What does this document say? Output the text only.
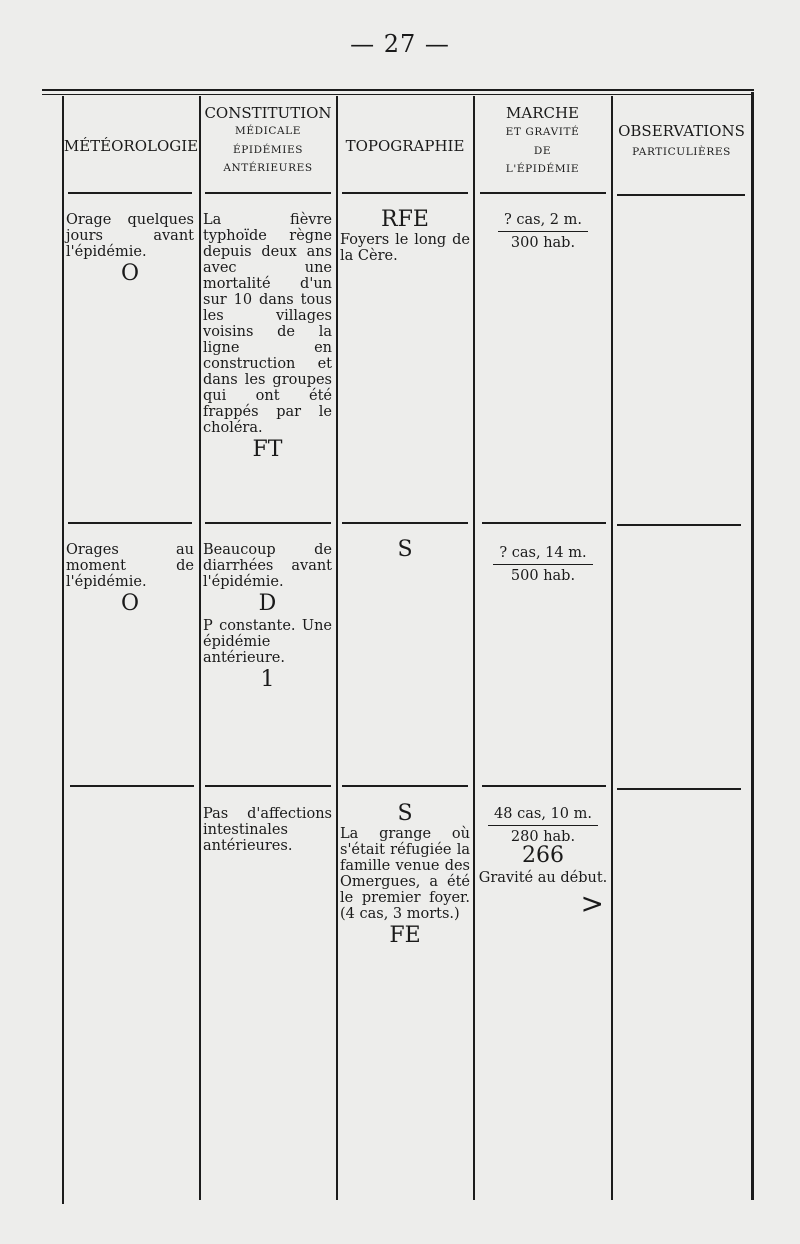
— 27 —
MÉTÉOROLOGIE
CONSTITUTION
MÉDICALE
ÉPIDÉMIES
ANTÉRIEURES
TOPOGRAPHIE
MARCHE
ET GRAVITÉ
DE
L'ÉPIDÉMIE
OBSERVATIONS
PARTICULIÈRES

Orage quelques jours avant l'épidémie.

O

La fièvre typhoïde règne depuis deux ans avec une mortalité d'un sur 10 dans tous les villages voisins de la ligne en construction et dans les groupes qui ont été frappés par le choléra.

FT
RFE

Foyers le long de la Cère.

? cas, 2 m.
300 hab.

Orages au moment de l'épidémie.

O

Beaucoup de diarrhées avant l'épidémie.

D

P constante. Une épidémie antérieure.

1
S	? cas, 14 m.
500 hab.

Pas d'affections intestinales antérieures.

S

La grange où s'était réfugiée la famille venue des Omergues, a été le premier foyer. (4 cas, 3 morts.)

FE
48 cas, 10 m.
280 hab.
266

Gravité au début.

>
